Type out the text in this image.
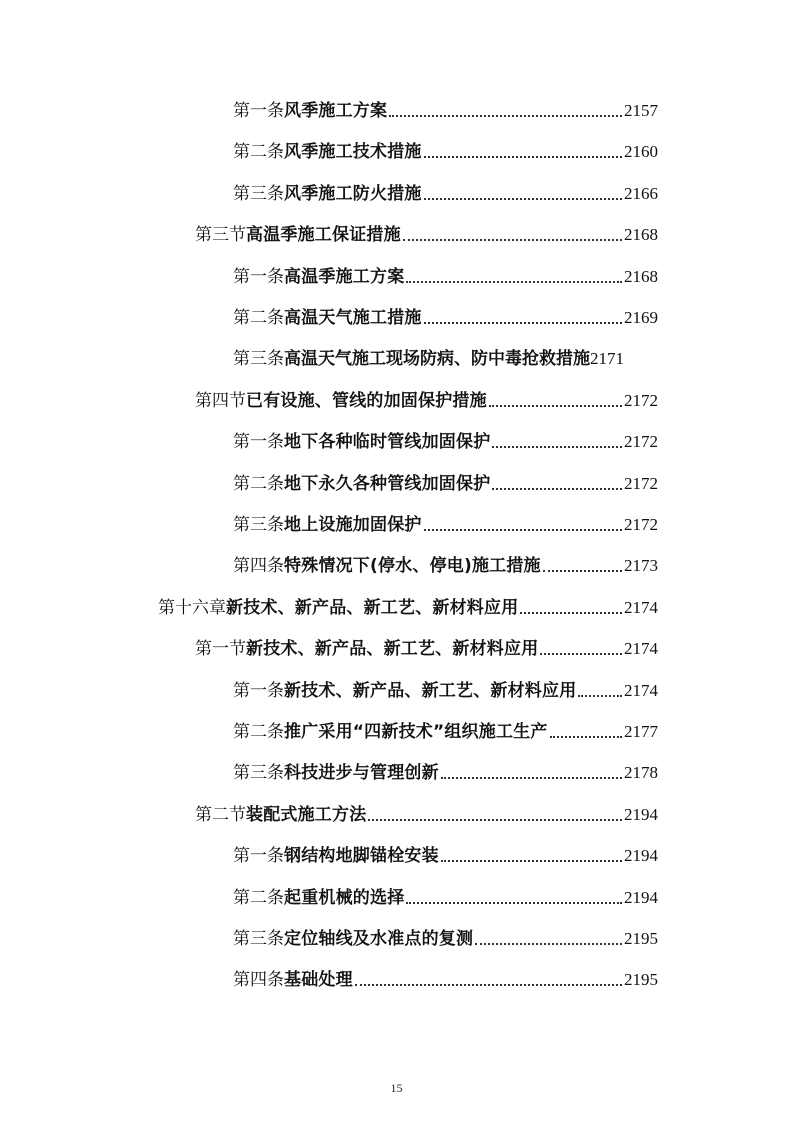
第一条 风季施工方案	2157
第二条 风季施工技术措施	2160
第三条 风季施工防火措施	2166
第三节 高温季施工保证措施	2168
第一条 高温季施工方案	2168
第二条 高温天气施工措施	2169
第三条 高温天气施工现场防病、防中毒抢救措施 2171
第四节 已有设施、管线的加固保护措施	2172
第一条 地下各种临时管线加固保护	2172
第二条 地下永久各种管线加固保护	2172
第三条 地上设施加固保护	2172
第四条 特殊情况下(停水、停电)施工措施	2173
第十六章 新技术、新产品、新工艺、新材料应用	2174
第一节 新技术、新产品、新工艺、新材料应用	2174
第一条 新技术、新产品、新工艺、新材料应用	2174
第二条 推广采用“四新技术”组织施工生产	2177
第三条 科技进步与管理创新	2178
第二节 装配式施工方法	2194
第一条 钢结构地脚锚栓安装	2194
第二条 起重机械的选择	2194
第三条 定位轴线及水准点的复测	2195
第四条 基础处理	2195
15
